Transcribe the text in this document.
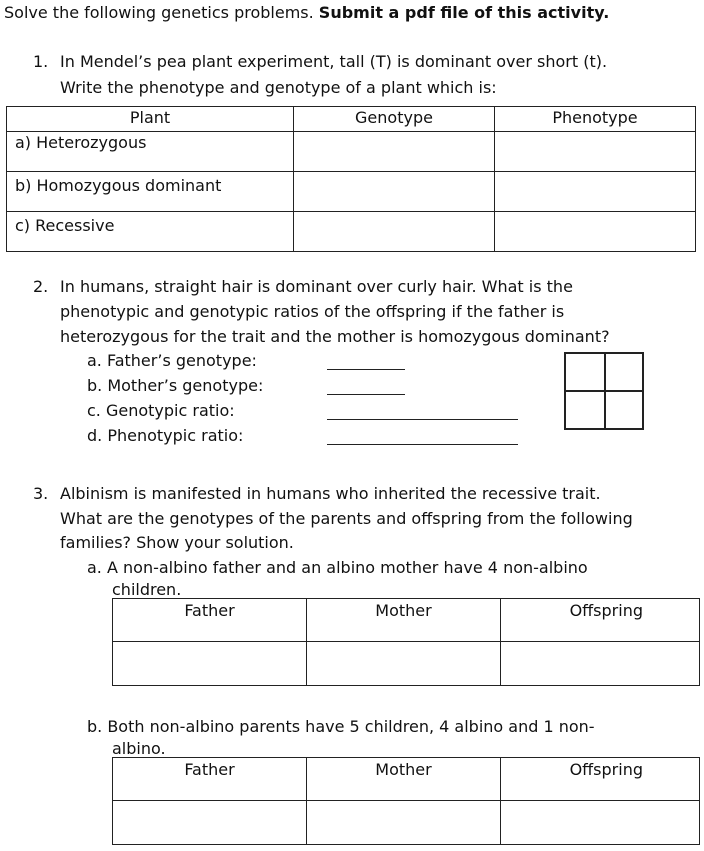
Solve the following genetics problems. Submit a pdf file of this activity.
1. In Mendel’s pea plant experiment, tall (T) is dominant over short (t).
Write the phenotype and genotype of a plant which is:
Plant	Genotype	Phenotype
a) Heterozygous		
b) Homozygous dominant		
c) Recessive		
2. In humans, straight hair is dominant over curly hair. What is the
phenotypic and genotypic ratios of the offspring if the father is
heterozygous for the trait and the mother is homozygous dominant?
a. Father’s genotype:
b. Mother’s genotype:
c. Genotypic ratio:
d. Phenotypic ratio:
3. Albinism is manifested in humans who inherited the recessive trait.
What are the genotypes of the parents and offspring from the following
families? Show your solution.
a. A non-albino father and an albino mother have 4 non-albino
children.
Father	Mother	Offspring

b. Both non-albino parents have 5 children, 4 albino and 1 non-
albino.
Father	Mother	Offspring
